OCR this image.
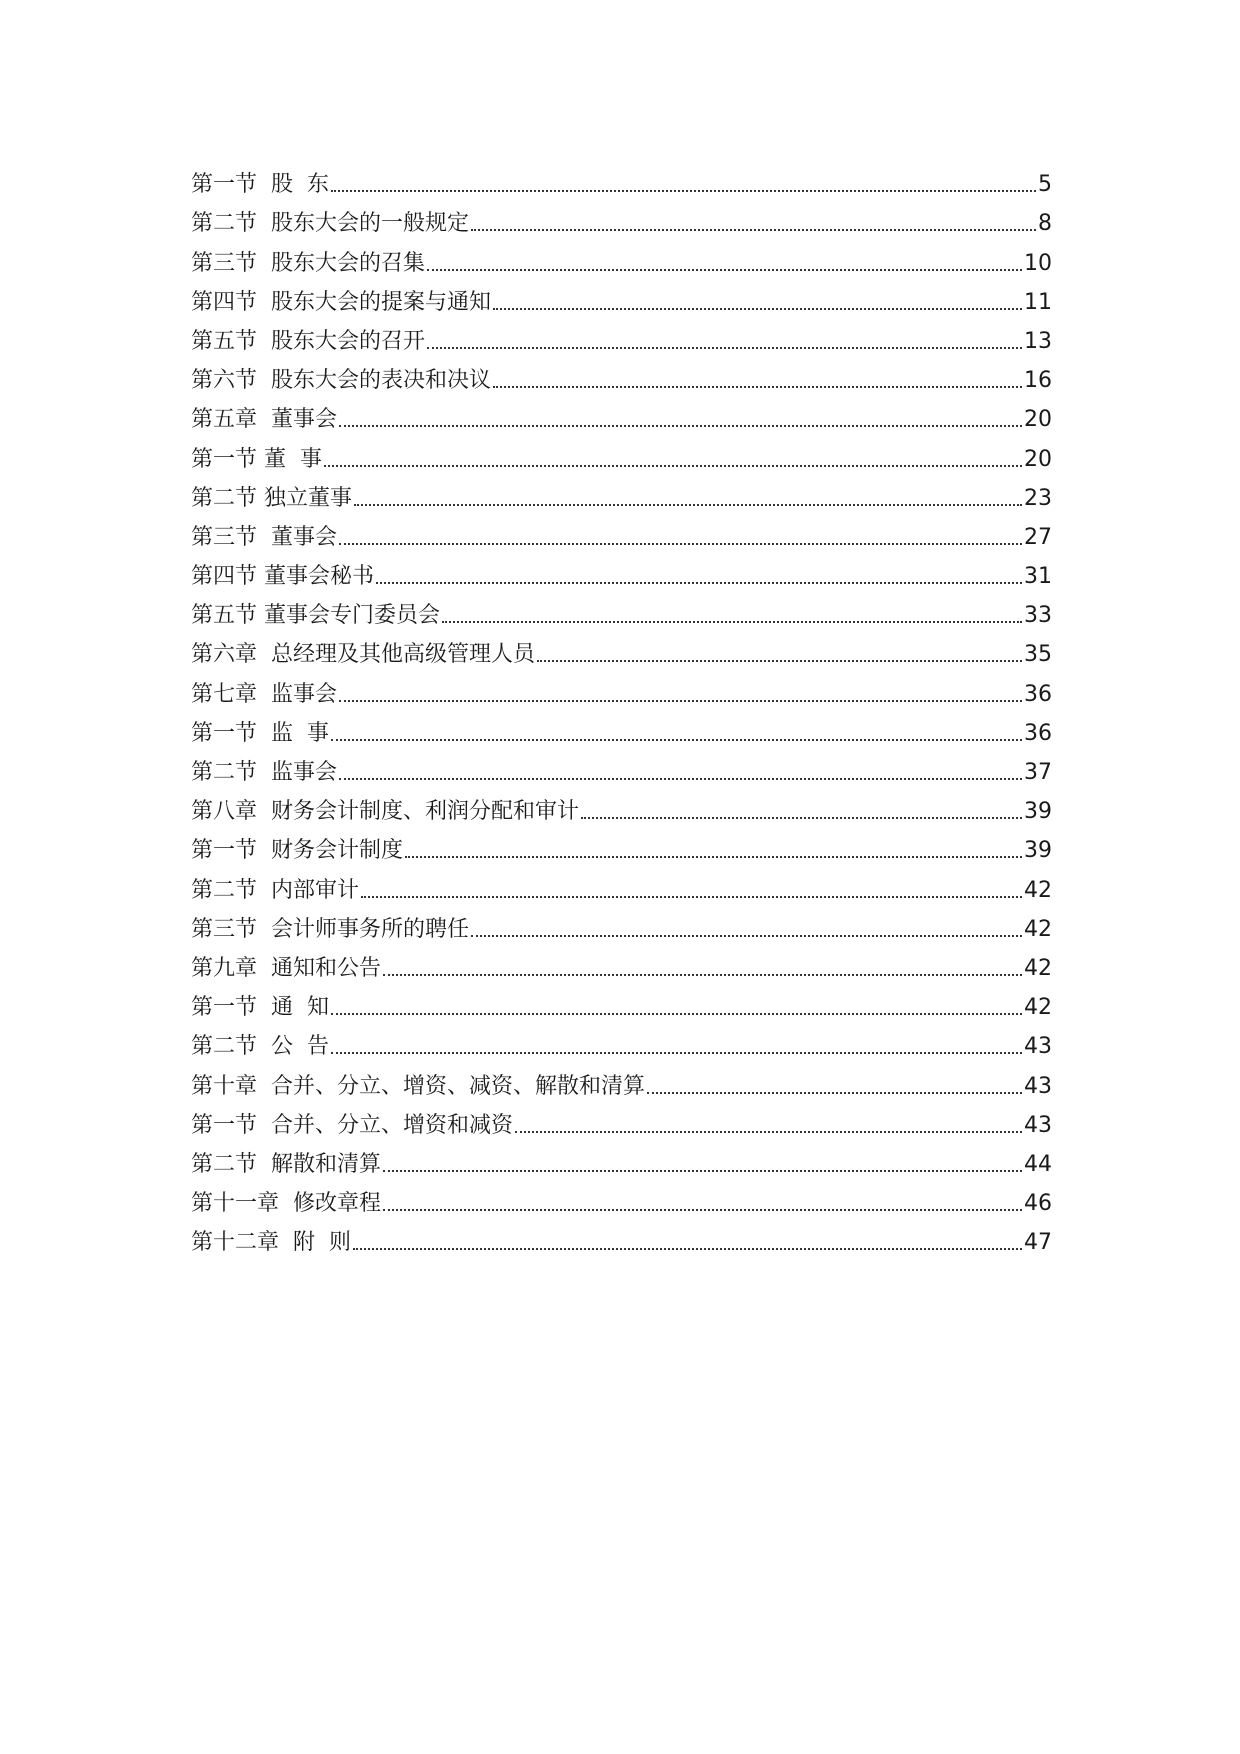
第一节  股  东	5
第二节  股东大会的一般规定	8
第三节  股东大会的召集	10
第四节  股东大会的提案与通知	11
第五节  股东大会的召开	13
第六节  股东大会的表决和决议	16
第五章  董事会	20
第一节 董  事	20
第二节 独立董事	23
第三节  董事会	27
第四节 董事会秘书	31
第五节 董事会专门委员会	33
第六章  总经理及其他高级管理人员	35
第七章  监事会	36
第一节  监  事	36
第二节  监事会	37
第八章  财务会计制度、利润分配和审计	39
第一节  财务会计制度	39
第二节  内部审计	42
第三节  会计师事务所的聘任	42
第九章  通知和公告	42
第一节  通  知	42
第二节  公  告	43
第十章  合并、分立、增资、减资、解散和清算	43
第一节  合并、分立、增资和减资	43
第二节  解散和清算	44
第十一章  修改章程	46
第十二章  附  则	47
